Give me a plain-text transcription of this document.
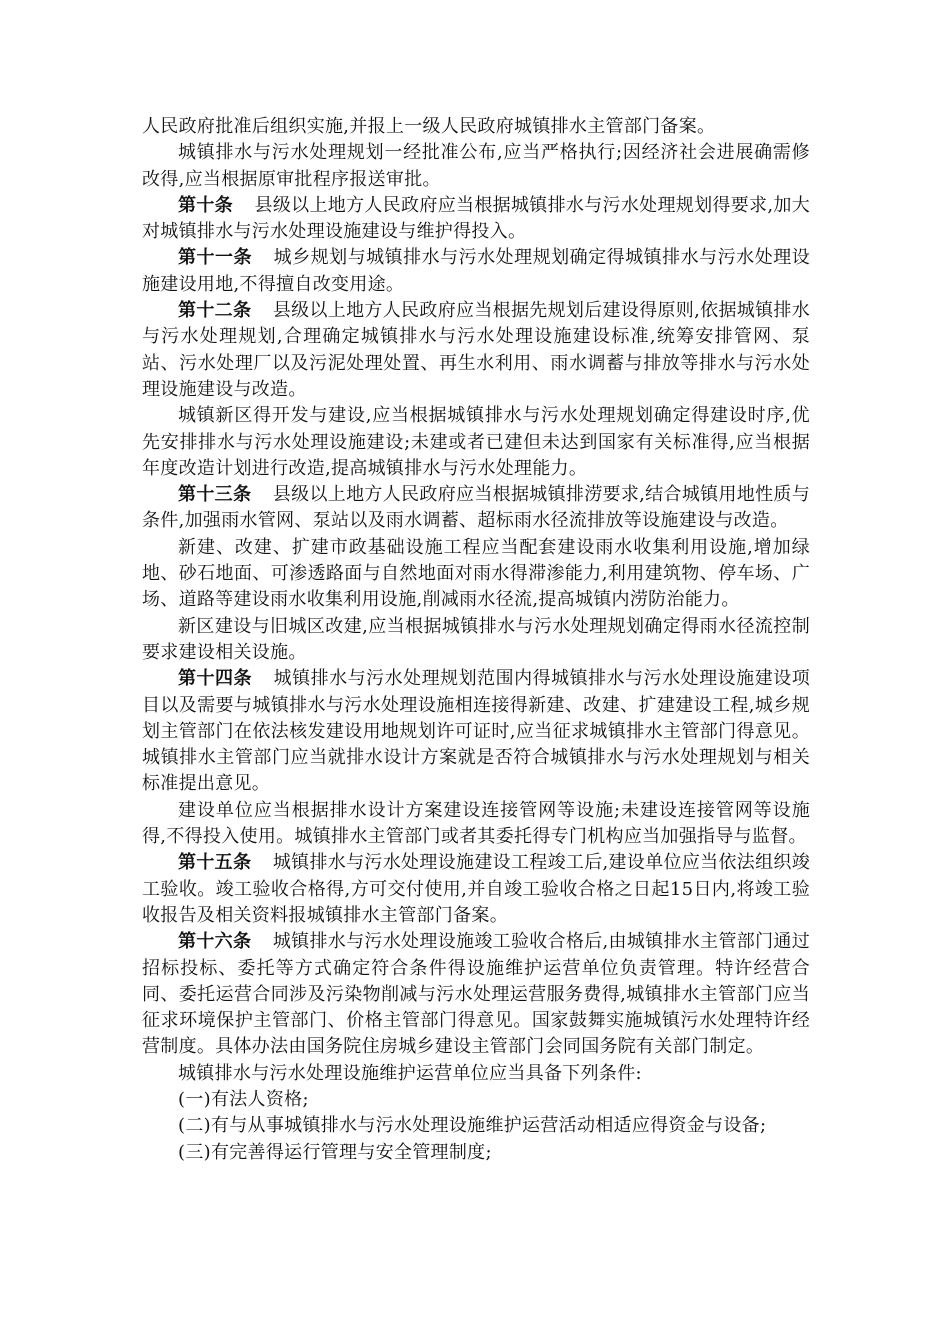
人民政府批准后组织实施,并报上一级人民政府城镇排水主管部门备案。

城镇排水与污水处理规划一经批准公布,应当严格执行;因经济社会进展确需修改得,应当根据原审批程序报送审批。

第十条 县级以上地方人民政府应当根据城镇排水与污水处理规划得要求,加大对城镇排水与污水处理设施建设与维护得投入。

第十一条 城乡规划与城镇排水与污水处理规划确定得城镇排水与污水处理设施建设用地,不得擅自改变用途。

第十二条 县级以上地方人民政府应当根据先规划后建设得原则,依据城镇排水与污水处理规划,合理确定城镇排水与污水处理设施建设标准,统筹安排管网、泵站、污水处理厂以及污泥处理处置、再生水利用、雨水调蓄与排放等排水与污水处理设施建设与改造。

城镇新区得开发与建设,应当根据城镇排水与污水处理规划确定得建设时序,优先安排排水与污水处理设施建设;未建或者已建但未达到国家有关标准得,应当根据年度改造计划进行改造,提高城镇排水与污水处理能力。

第十三条 县级以上地方人民政府应当根据城镇排涝要求,结合城镇用地性质与条件,加强雨水管网、泵站以及雨水调蓄、超标雨水径流排放等设施建设与改造。

新建、改建、扩建市政基础设施工程应当配套建设雨水收集利用设施,增加绿地、砂石地面、可渗透路面与自然地面对雨水得滞渗能力,利用建筑物、停车场、广场、道路等建设雨水收集利用设施,削减雨水径流,提高城镇内涝防治能力。

新区建设与旧城区改建,应当根据城镇排水与污水处理规划确定得雨水径流控制要求建设相关设施。

第十四条 城镇排水与污水处理规划范围内得城镇排水与污水处理设施建设项目以及需要与城镇排水与污水处理设施相连接得新建、改建、扩建建设工程,城乡规划主管部门在依法核发建设用地规划许可证时,应当征求城镇排水主管部门得意见。城镇排水主管部门应当就排水设计方案就是否符合城镇排水与污水处理规划与相关标准提出意见。

建设单位应当根据排水设计方案建设连接管网等设施;未建设连接管网等设施得,不得投入使用。城镇排水主管部门或者其委托得专门机构应当加强指导与监督。

第十五条 城镇排水与污水处理设施建设工程竣工后,建设单位应当依法组织竣工验收。竣工验收合格得,方可交付使用,并自竣工验收合格之日起15日内,将竣工验收报告及相关资料报城镇排水主管部门备案。

第十六条 城镇排水与污水处理设施竣工验收合格后,由城镇排水主管部门通过招标投标、委托等方式确定符合条件得设施维护运营单位负责管理。特许经营合同、委托运营合同涉及污染物削减与污水处理运营服务费得,城镇排水主管部门应当征求环境保护主管部门、价格主管部门得意见。国家鼓舞实施城镇污水处理特许经营制度。具体办法由国务院住房城乡建设主管部门会同国务院有关部门制定。

城镇排水与污水处理设施维护运营单位应当具备下列条件:

(一)有法人资格;

(二)有与从事城镇排水与污水处理设施维护运营活动相适应得资金与设备;

(三)有完善得运行管理与安全管理制度;
